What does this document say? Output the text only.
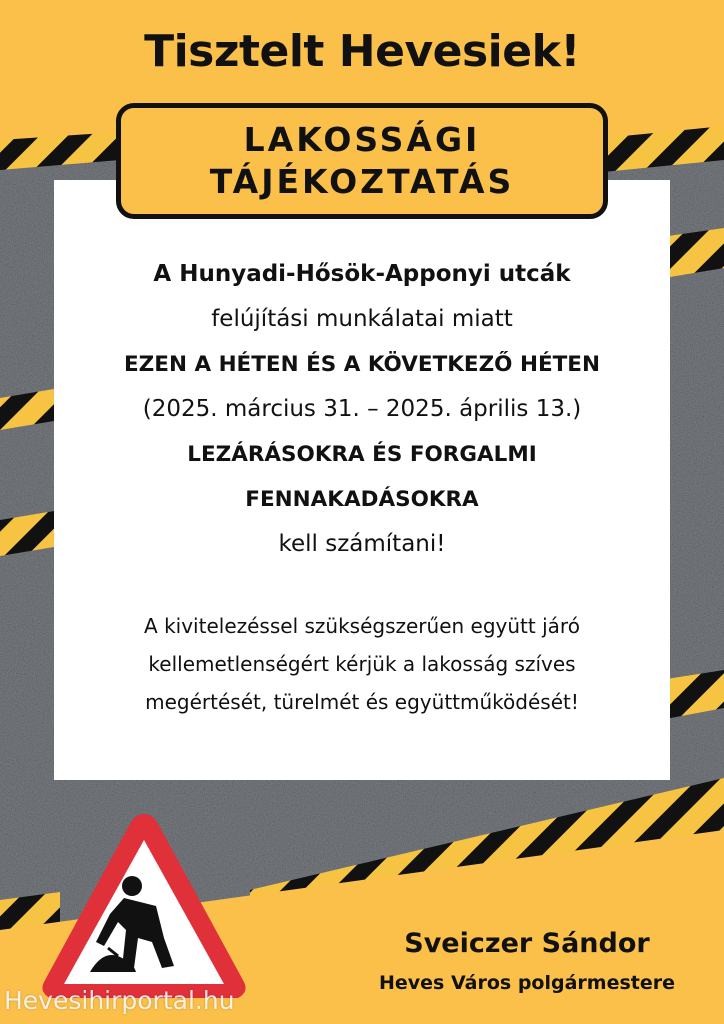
Tisztelt Hevesiek!
LAKOSSÁGI
TÁJÉKOZTATÁS
A Hunyadi-Hősök-Apponyi utcák
felújítási munkálatai miatt
EZEN A HÉTEN ÉS A KÖVETKEZŐ HÉTEN
(2025. március 31. – 2025. április 13.)
LEZÁRÁSOKRA ÉS FORGALMI
FENNAKADÁSOKRA
kell számítani!
A kivitelezéssel szükségszerűen együtt járó
kellemetlenségért kérjük a lakosság szíves
megértését, türelmét és együttműködését!
Sveiczer Sándor
Heves Város polgármestere
Hevesihirportal.hu
